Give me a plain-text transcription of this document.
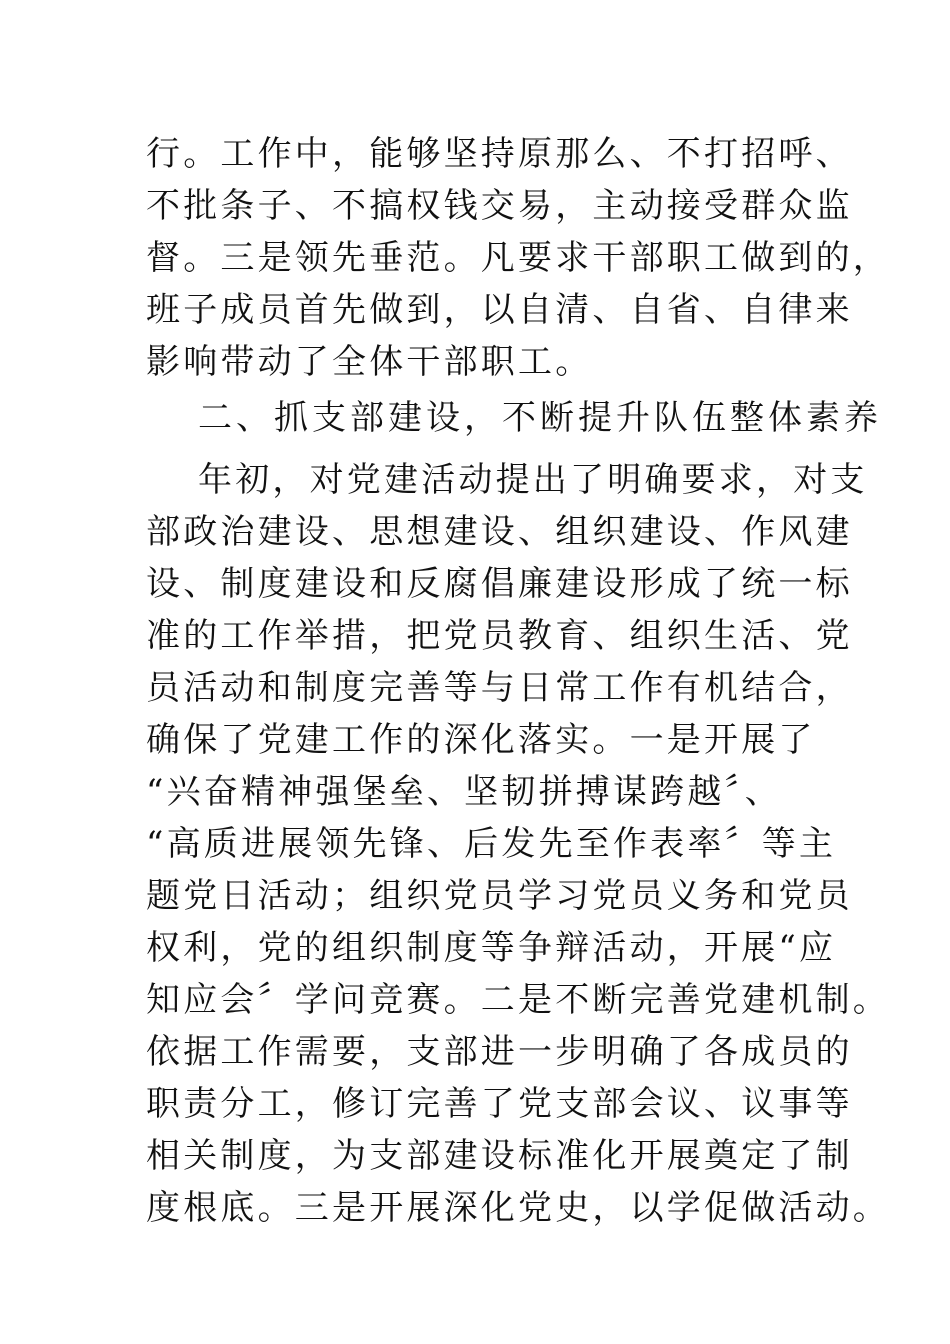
行。工作中，能够坚持原那么、不打招呼、
不批条子、不搞权钱交易，主动接受群众监
督。三是领先垂范。凡要求干部职工做到的，
班子成员首先做到，以自清、自省、自律来
影响带动了全体干部职工。
二、抓支部建设，不断提升队伍整体素养
年初，对党建活动提出了明确要求，对支
部政治建设、思想建设、组织建设、作风建
设、制度建设和反腐倡廉建设形成了统一标
准的工作举措，把党员教育、组织生活、党
员活动和制度完善等与日常工作有机结合，
确保了党建工作的深化落实。一是开展了
“兴奋精神强堡垒、坚韧拼搏谋跨越〞、
“高质进展领先锋、后发先至作表率〞等主
题党日活动；组织党员学习党员义务和党员
权利，党的组织制度等争辩活动，开展“应
知应会〞学问竞赛。二是不断完善党建机制。
依据工作需要，支部进一步明确了各成员的
职责分工，修订完善了党支部会议、议事等
相关制度，为支部建设标准化开展奠定了制
度根底。三是开展深化党史，以学促做活动。
